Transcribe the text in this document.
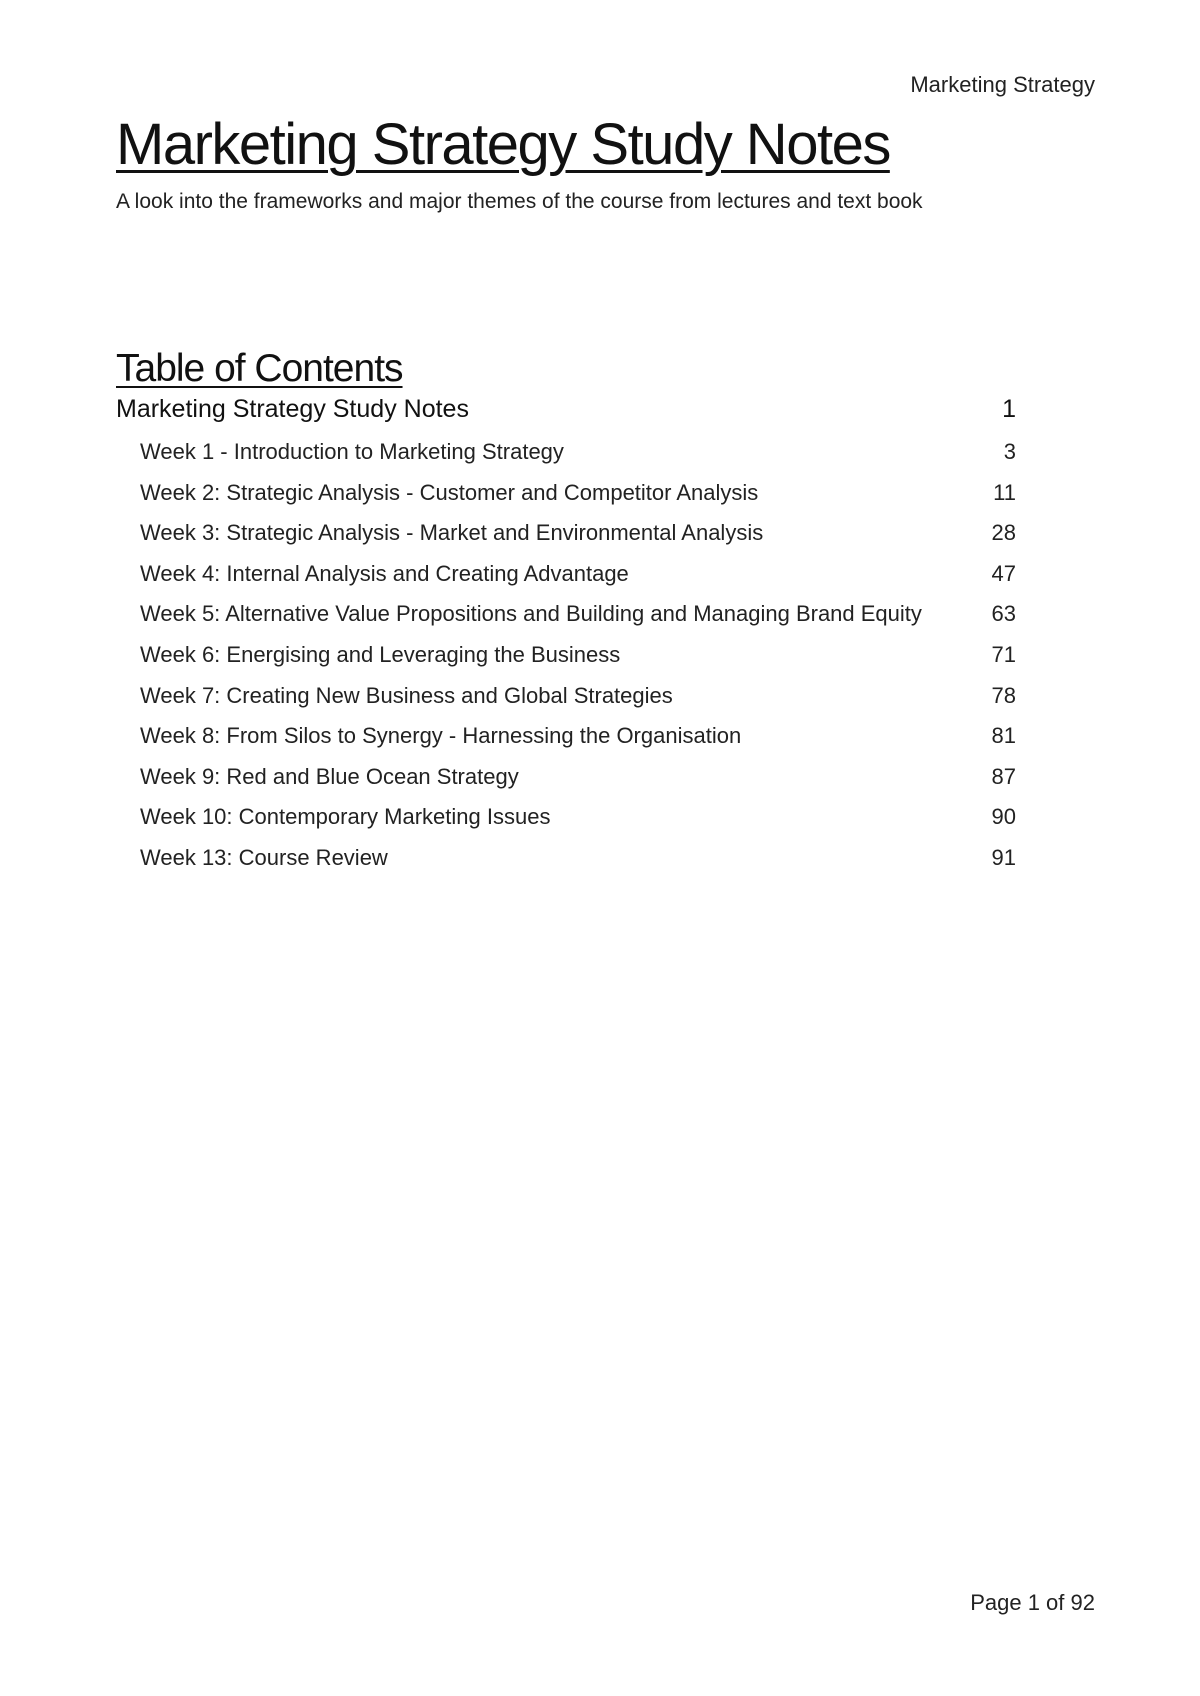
Marketing Strategy
Marketing Strategy Study Notes

A look into the frameworks and major themes of the course from lectures and text book

Table of Contents
Marketing Strategy Study Notes	1
Week 1 - Introduction to Marketing Strategy	3
Week 2: Strategic Analysis - Customer and Competitor Analysis	11
Week 3: Strategic Analysis - Market and Environmental Analysis	28
Week 4: Internal Analysis and Creating Advantage	47
Week 5: Alternative Value Propositions and Building and Managing Brand Equity	63
Week 6: Energising and Leveraging the Business	71
Week 7: Creating New Business and Global Strategies	78
Week 8: From Silos to Synergy - Harnessing the Organisation	81
Week 9: Red and Blue Ocean Strategy	87
Week 10: Contemporary Marketing Issues	90
Week 13: Course Review	91
Page 1 of 92
